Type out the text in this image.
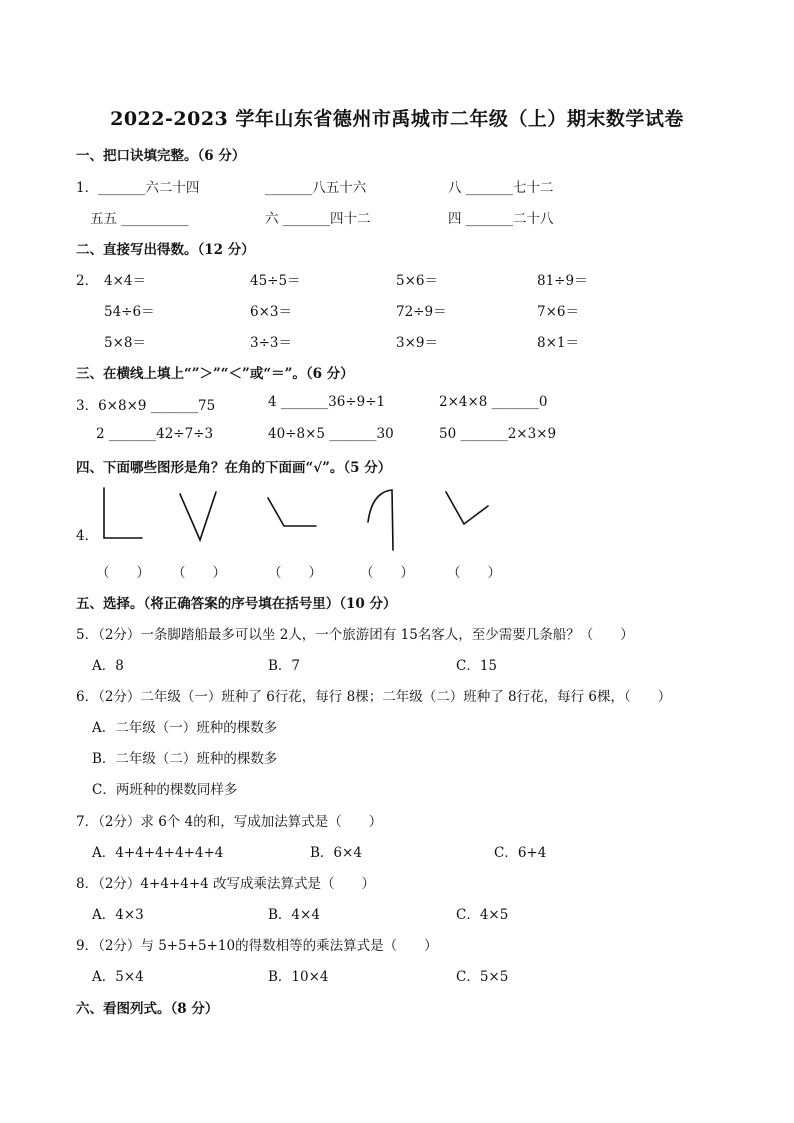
2022-2023 学年山东省德州市禹城市二年级（上）期末数学试卷
一、把口诀填完整。（6 分）
1．_______六二十四	_______八五十六	八 _______七十二
五五 __________	六 _______四十二	四 _______二十八
二、直接写出得数。（12 分）
2． 4×4＝	45÷5＝	5×6＝	81÷9＝
54÷6＝	6×3＝	72÷9＝	7×6＝
5×8＝	3÷3＝	3×9＝	8×1＝
三、在横线上填上“”＞”“＜”或“＝”。（6 分）
3．6×8×9 _______75	4 _______36÷9÷1	2×4×8 _______0
2 _______42÷7÷3	40÷8×5 _______30	50 _______2×3×9
四、下面哪些图形是角？在角的下面画“√”。（5 分）
4．
（　　） （　　）	（　　）	（　　） （　　）
五、选择。（将正确答案的序号填在括号里）（10 分）
5．（2分）一条脚踏船最多可以坐 2人，一个旅游团有 15名客人，至少需要几条船？（　　）
A．8	B．7	C．15
6．（2分）二年级（一）班种了 6行花，每行 8棵；二年级（二）班种了 8行花，每行 6棵，（　　）
A．二年级（一）班种的棵数多
B．二年级（二）班种的棵数多
C．两班种的棵数同样多
7．（2分）求 6个 4的和，写成加法算式是（　　）
A．4+4+4+4+4+4	B．6×4	C．6+4
8．（2分）4+4+4+4 改写成乘法算式是（　　）
A．4×3	B．4×4	C．4×5
9．（2分）与 5+5+5+10的得数相等的乘法算式是（　　）
A．5×4	B．10×4	C．5×5
六、看图列式。（8 分）
